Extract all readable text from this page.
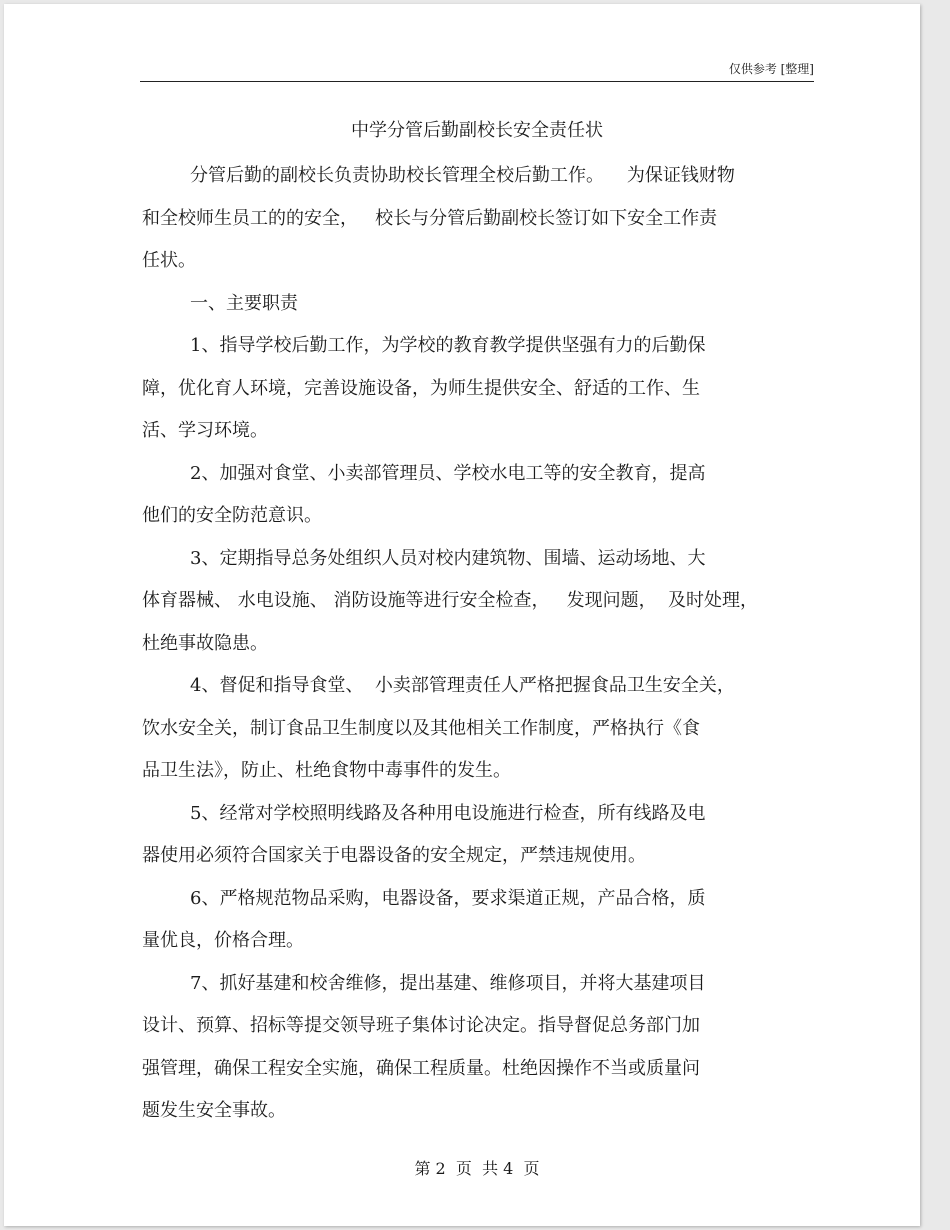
仅供参考 [整理]
中学分管后勤副校长安全责任状
分管后勤的副校长负责协助校长管理全校后勤工作。    为保证钱财物
和全校师生员工的的安全，   校长与分管后勤副校长签订如下安全工作责
任状。
一、主要职责
1、指导学校后勤工作，为学校的教育教学提供坚强有力的后勤保
障，优化育人环境，完善设施设备，为师生提供安全、舒适的工作、生
活、学习环境。
2、加强对食堂、小卖部管理员、学校水电工等的安全教育，提高
他们的安全防范意识。
3、定期指导总务处组织人员对校内建筑物、围墙、运动场地、大
体育器械、 水电设施、 消防设施等进行安全检查，   发现问题，  及时处理，
杜绝事故隐患。
4、督促和指导食堂、  小卖部管理责任人严格把握食品卫生安全关，
饮水安全关，制订食品卫生制度以及其他相关工作制度，严格执行《食
品卫生法》，防止、杜绝食物中毒事件的发生。
5、经常对学校照明线路及各种用电设施进行检查，所有线路及电
器使用必须符合国家关于电器设备的安全规定，严禁违规使用。
6、严格规范物品采购，电器设备，要求渠道正规，产品合格，质
量优良，价格合理。
7、抓好基建和校舍维修，提出基建、维修项目，并将大基建项目
设计、预算、招标等提交领导班子集体讨论决定。指导督促总务部门加
强管理，确保工程安全实施，确保工程质量。杜绝因操作不当或质量问
题发生安全事故。
第 2  页  共 4  页
